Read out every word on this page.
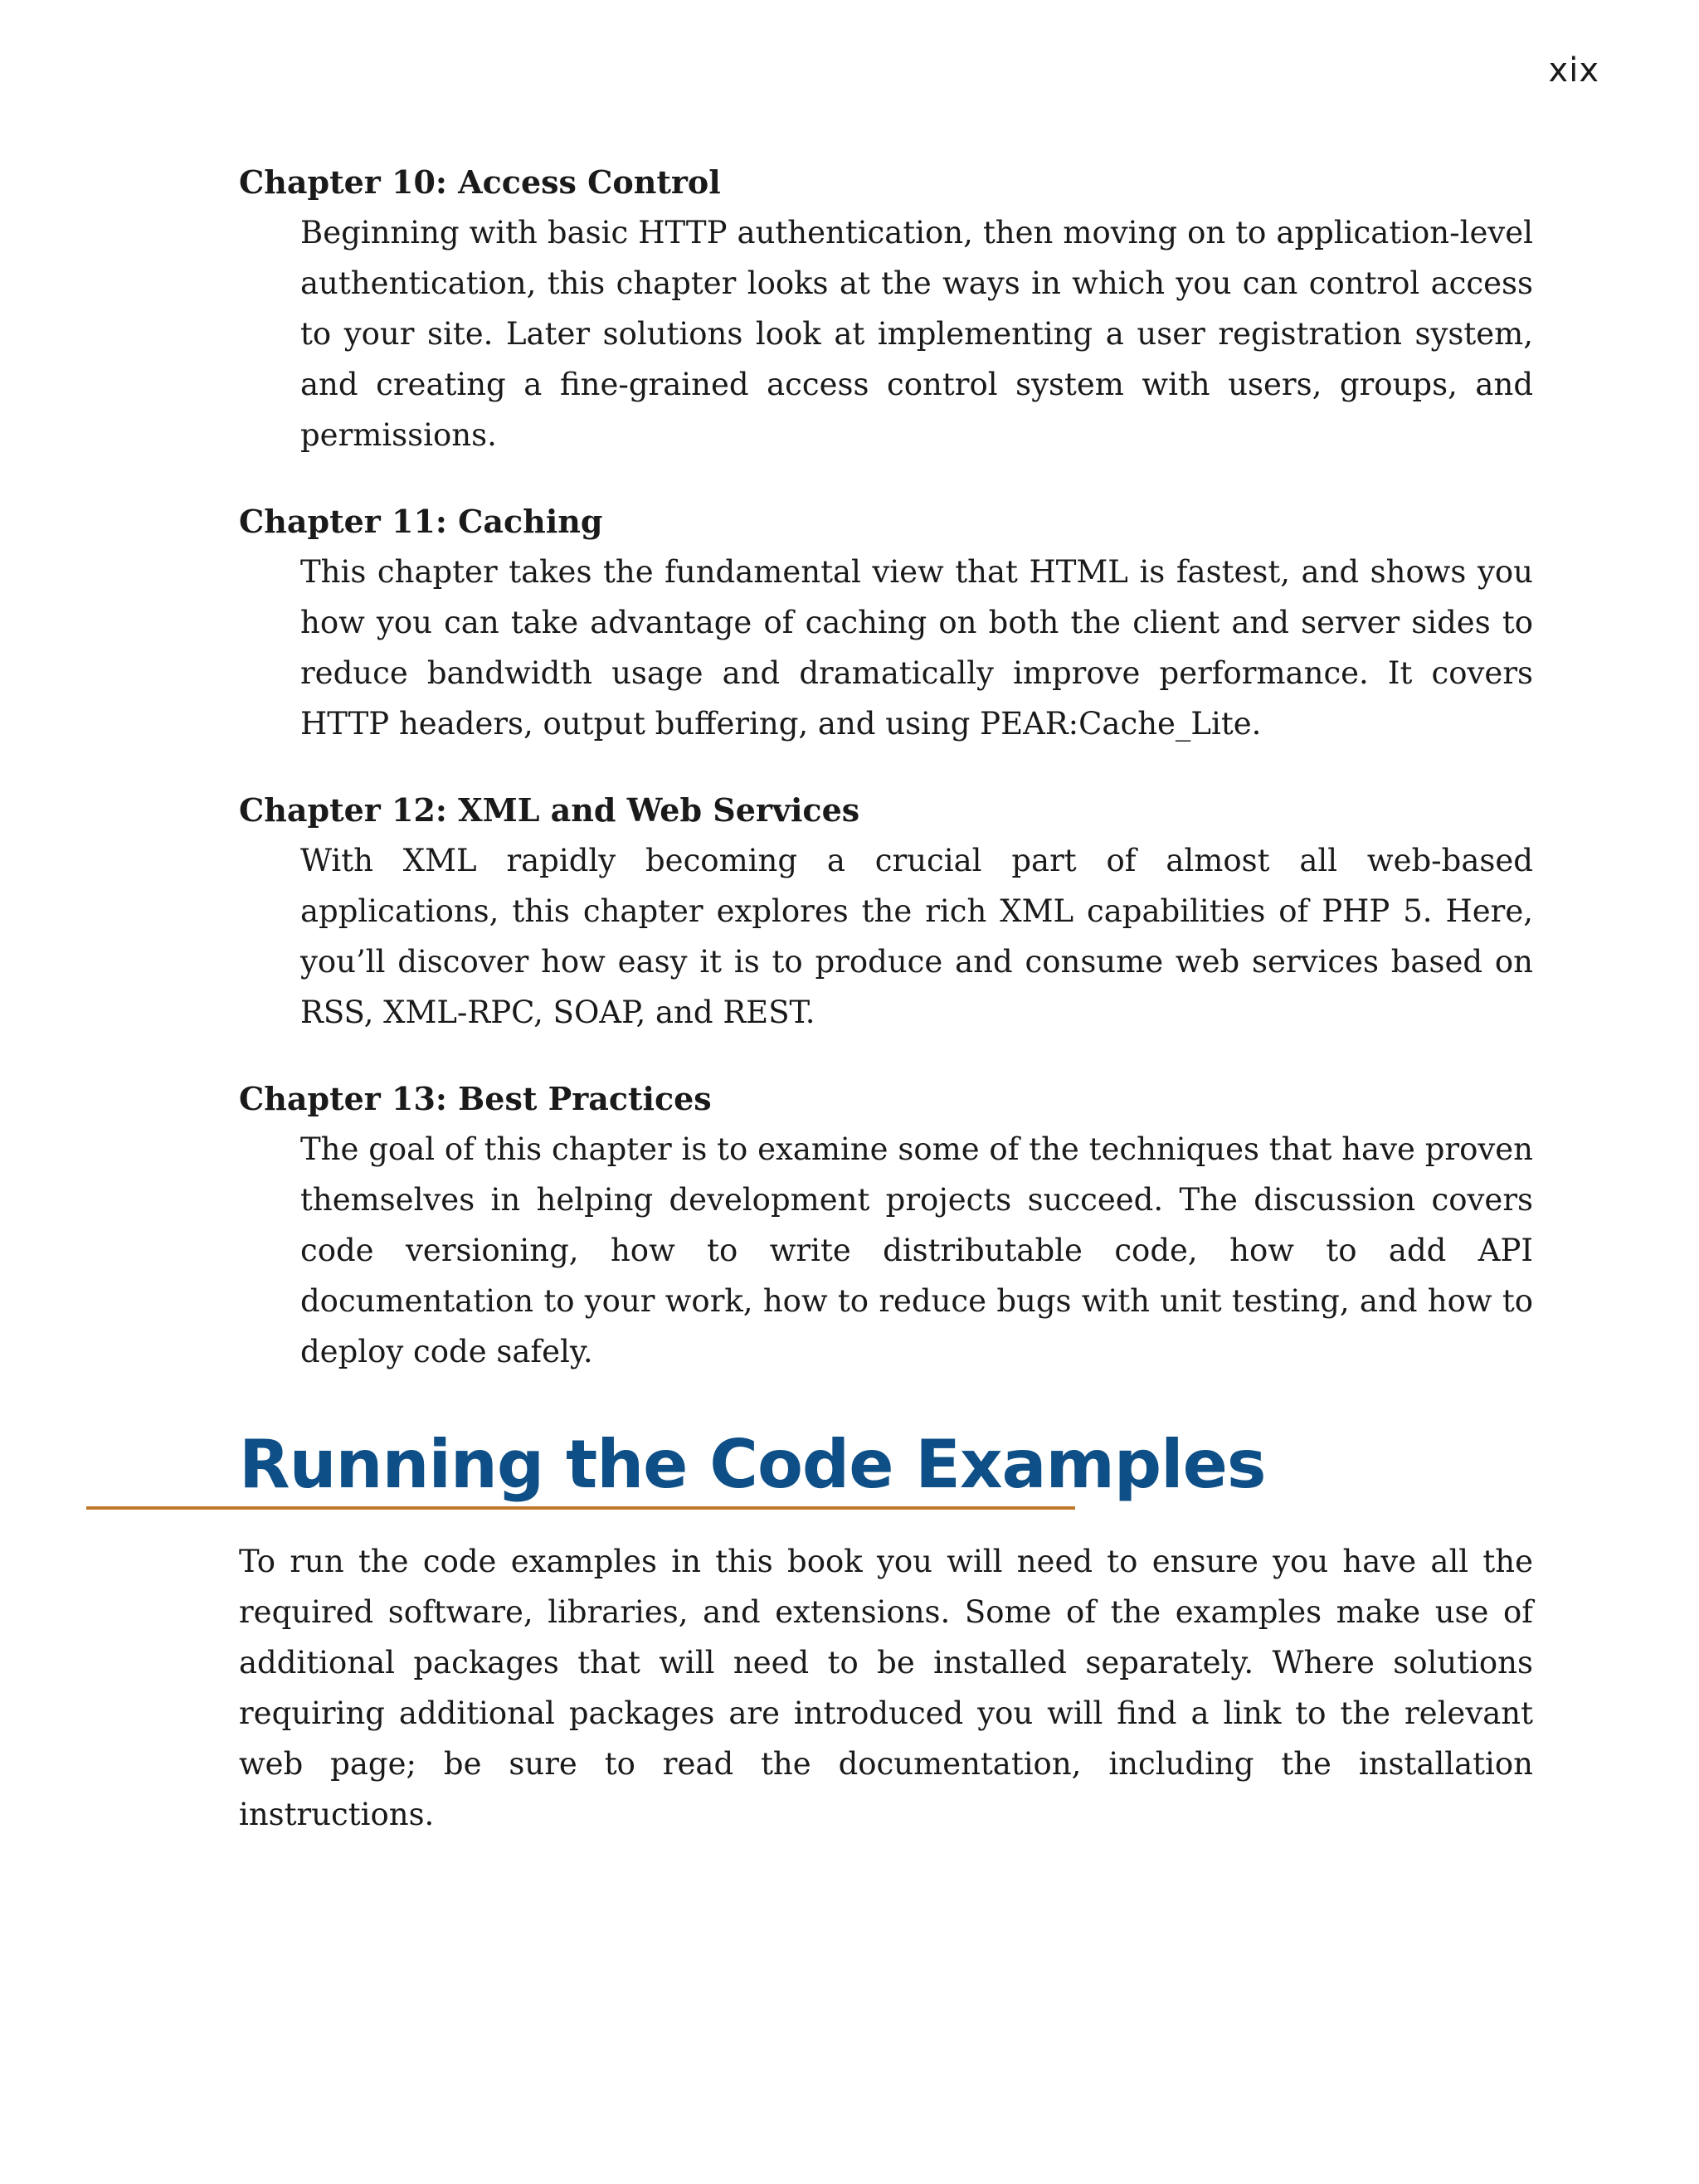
xix

Chapter 10: Access Control

Beginning with basic HTTP authentication, then moving on to application-level authentication, this chapter looks at the ways in which you can control access to your site. Later solutions look at implementing a user registration system, and creating a fine-grained access control system with users, groups, and permissions.

Chapter 11: Caching

This chapter takes the fundamental view that HTML is fastest, and shows you how you can take advantage of caching on both the client and server sides to reduce bandwidth usage and dramatically improve performance. It covers HTTP headers, output buffering, and using PEAR:Cache_Lite.

Chapter 12: XML and Web Services

With XML rapidly becoming a crucial part of almost all web-based applications, this chapter explores the rich XML capabilities of PHP 5. Here, you’ll discover how easy it is to produce and consume web services based on RSS, XML-RPC, SOAP, and REST.

Chapter 13: Best Practices

The goal of this chapter is to examine some of the techniques that have proven themselves in helping development projects succeed. The discussion covers code versioning, how to write distributable code, how to add API documentation to your work, how to reduce bugs with unit testing, and how to deploy code safely.

Running the Code Examples

To run the code examples in this book you will need to ensure you have all the required software, libraries, and extensions. Some of the examples make use of additional packages that will need to be installed separately. Where solutions requiring additional packages are introduced you will find a link to the relevant web page; be sure to read the documentation, including the installation instructions.
